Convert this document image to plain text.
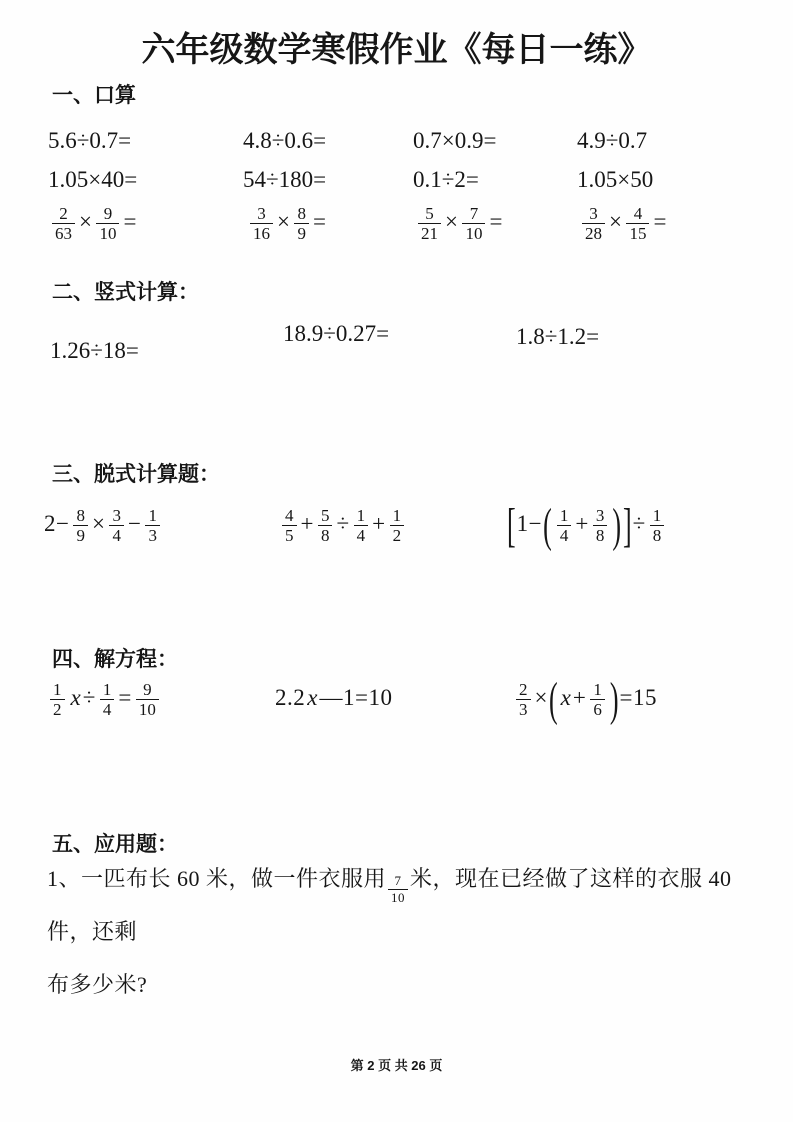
六年级数学寒假作业《每日一练》
一、口算
5.6÷0.7=	4.8÷0.6=	0.7×0.9=	4.9÷0.7
1.05×40=	54÷180=	0.1÷2=	1.05×50
$\frac{2}{63} \times \frac{9}{10}$ =	$\frac{3}{16} \times \frac{8}{9}$ =	$\frac{5}{21} \times \frac{7}{10}$ =	$\frac{3}{28} \times \frac{4}{15}$ =
二、竖式计算：
1.26÷18=
18.9÷0.27=	1.8÷1.2=
三、脱式计算题：
$2- \frac{8}{9} \times \frac{3}{4} - \frac{1}{3}$	$\frac{4}{5} + \frac{5}{8} \div \frac{1}{4} + \frac{1}{2}$	[$1-( \frac{1}{4} + \frac{3}{8}$ )]÷ $\frac{1}{8}$
四、解方程：
$\frac{1}{2} x\div \frac{1}{4} = \frac{9}{10}$	2.2x—1=10	$\frac{2}{3}$ ×( $x+ \frac{1}{6} )=15$
五、应用题：
1、一匹布长 60 米，做一件衣服用 $\frac{7}{10}$ 米，现在已经做了这样的衣服 40 件，还剩
布多少米?
第 2 页 共 26 页
